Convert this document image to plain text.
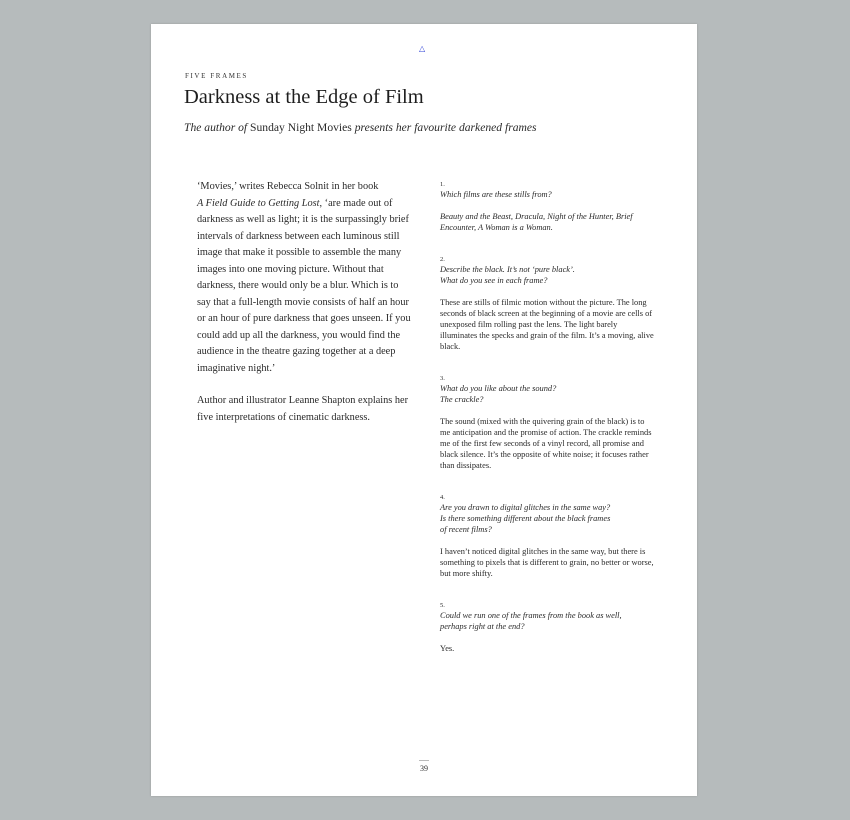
△
FIVE FRAMES
Darkness at the Edge of Film
The author of Sunday Night Movies presents her favourite darkened frames

‘Movies,’ writes Rebecca Solnit in her book
A Field Guide to Getting Lost, ‘are made out of darkness as well as light; it is the surpassingly brief intervals of darkness between each luminous still image that make it possible to assemble the many images into one moving picture. Without that darkness, there would only be a blur. Which is to say that a full-length movie consists of half an hour or an hour of pure darkness that goes unseen. If you could add up all the darkness, you would find the audience in the theatre gazing together at a deep imaginative night.’

Author and illustrator Leanne Shapton explains her five interpretations of cinematic darkness.

1.

Which films are these stills from?

Beauty and the Beast, Dracula, Night of the Hunter, Brief Encounter, A Woman is a Woman.

2.

Describe the black. It’s not ‘pure black’.
What do you see in each frame?

These are stills of filmic motion without the picture. The long seconds of black screen at the beginning of a movie are cells of unexposed film rolling past the lens. The light barely illuminates the specks and grain of the film. It’s a moving, alive black.

3.

What do you like about the sound?
The crackle?

The sound (mixed with the quivering grain of the black) is to me anticipation and the promise of action. The crackle reminds me of the first few seconds of a vinyl record, all promise and black silence. It’s the opposite of white noise; it focuses rather than dissipates.

4.

Are you drawn to digital glitches in the same way?
Is there something different about the black frames
of recent films?

I haven’t noticed digital glitches in the same way, but there is something to pixels that is different to grain, no better or worse, but more shifty.

5.

Could we run one of the frames from the book as well,
perhaps right at the end?

Yes.

39
